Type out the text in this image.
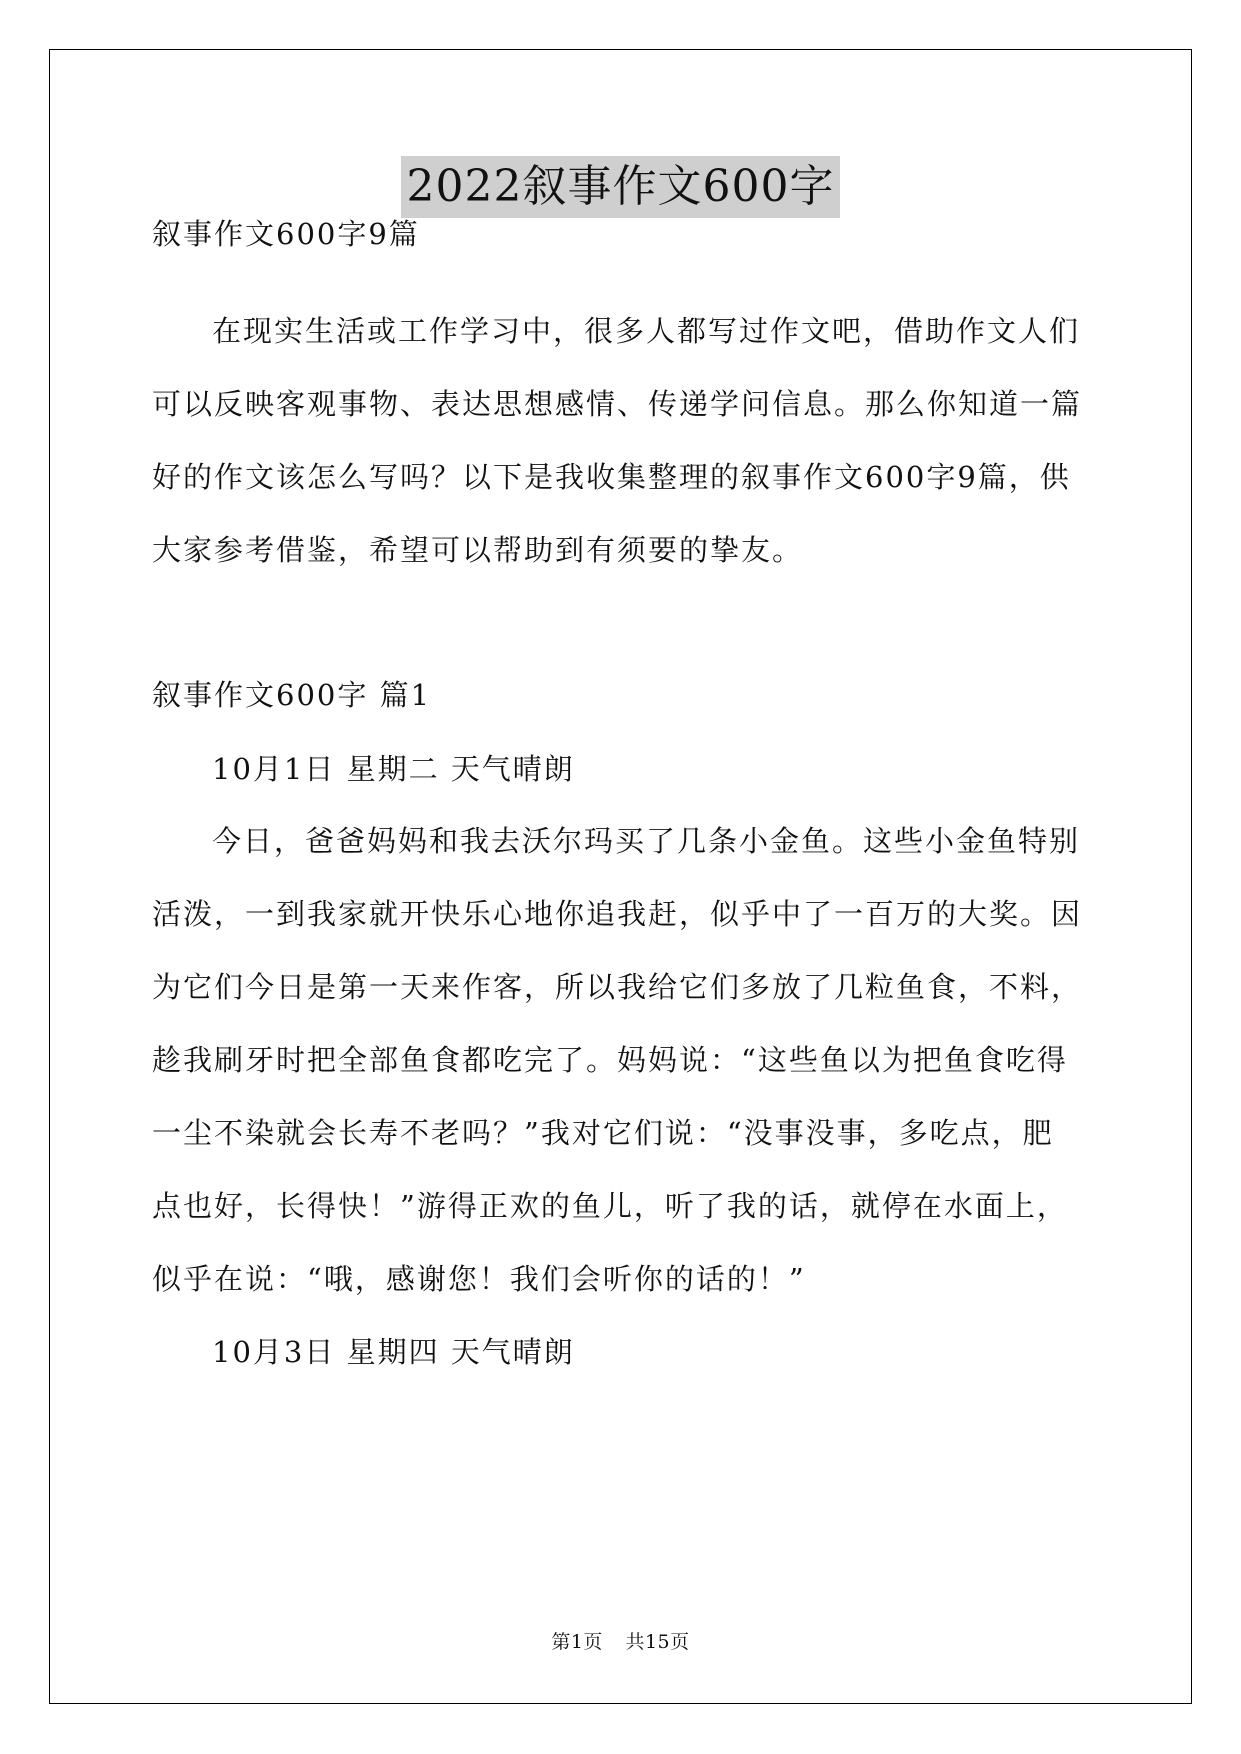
2022叙事作文600字

叙事作文600字9篇

在现实生活或工作学习中，很多人都写过作文吧，借助作文人们

可以反映客观事物、表达思想感情、传递学问信息。那么你知道一篇

好的作文该怎么写吗？以下是我收集整理的叙事作文600字9篇，供

大家参考借鉴，希望可以帮助到有须要的挚友。

叙事作文600字 篇1

10月1日 星期二 天气晴朗

今日，爸爸妈妈和我去沃尔玛买了几条小金鱼。这些小金鱼特别

活泼，一到我家就开快乐心地你追我赶，似乎中了一百万的大奖。因

为它们今日是第一天来作客，所以我给它们多放了几粒鱼食，不料，

趁我刷牙时把全部鱼食都吃完了。妈妈说：“这些鱼以为把鱼食吃得

一尘不染就会长寿不老吗？”我对它们说：“没事没事，多吃点，肥

点也好，长得快！”游得正欢的鱼儿，听了我的话，就停在水面上，

似乎在说：“哦，感谢您！我们会听你的话的！”

10月3日 星期四 天气晴朗

第1页 共15页
